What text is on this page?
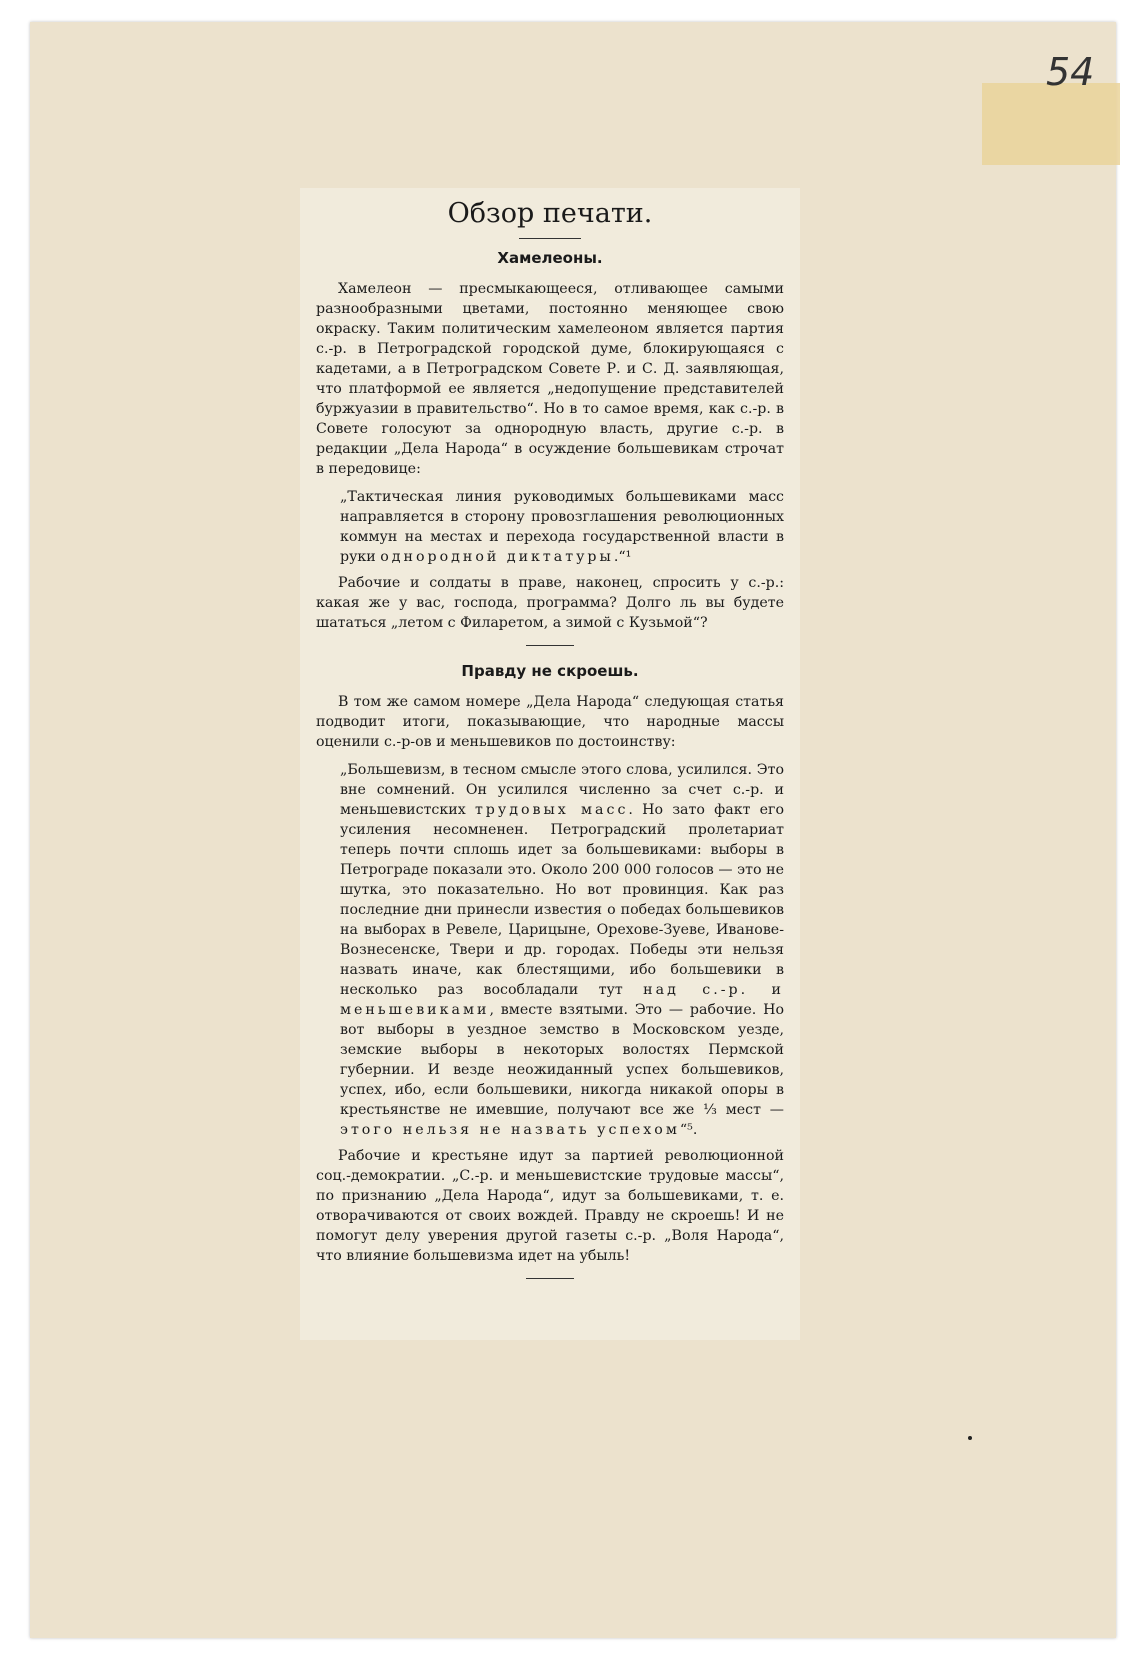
54
Обзор печати.
Хамелеоны.

Хамелеон — пресмыкающееся, отливающее самыми разнообразными цветами, постоянно меняющее свою окраску. Таким политическим хамелеоном является партия с.-р. в Петроградской городской думе, блокирующаяся с кадетами, а в Петроградском Совете Р. и С. Д. заявляющая, что платформой ее является „недопущение представителей буржуазии в правительство“. Но в то самое время, как с.-р. в Совете голосуют за однородную власть, другие с.-р. в редакции „Дела Народа“ в осуждение большевикам строчат в передовице:

„Тактическая линия руководимых большевиками масс направляется в сторону провозглашения революционных коммун на местах и перехода государственной власти в руки однородной диктатуры.“¹

Рабочие и солдаты в праве, наконец, спросить у с.-р.: какая же у вас, господа, программа? Долго ль вы будете шататься „летом с Филаретом, а зимой с Кузьмой“?

Правду не скроешь.

В том же самом номере „Дела Народа“ следующая статья подводит итоги, показывающие, что народные массы оценили с.-р-ов и меньшевиков по достоинству:

„Большевизм, в тесном смысле этого слова, усилился. Это вне сомнений. Он усилился численно за счет с.-р. и меньшевистских трудовых масс. Но зато факт его усиления несомненен. Петроградский пролетариат теперь почти сплошь идет за большевиками: выборы в Петрограде показали это. Около 200 000 голосов — это не шутка, это показательно. Но вот провинция. Как раз последние дни принесли известия о победах большевиков на выборах в Ревеле, Царицыне, Орехове-Зуеве, Иванове-Вознесенске, Твери и др. городах. Победы эти нельзя назвать иначе, как блестящими, ибо большевики в несколько раз вособладали тут над с.-р. и меньшевиками, вместе взятыми. Это — рабочие. Но вот выборы в уездное земство в Московском уезде, земские выборы в некоторых волостях Пермской губернии. И везде неожиданный успех большевиков, успех, ибо, если большевики, никогда никакой опоры в крестьянстве не имевшие, получают все же ⅓ мест — этого нельзя не назвать успехом“⁵.

Рабочие и крестьяне идут за партией революционной соц.-демократии. „С.-р. и меньшевистские трудовые массы“, по признанию „Дела Народа“, идут за большевиками, т. е. отворачиваются от своих вождей. Правду не скроешь! И не помогут делу уверения другой газеты с.-р. „Воля Народа“, что влияние большевизма идет на убыль!
